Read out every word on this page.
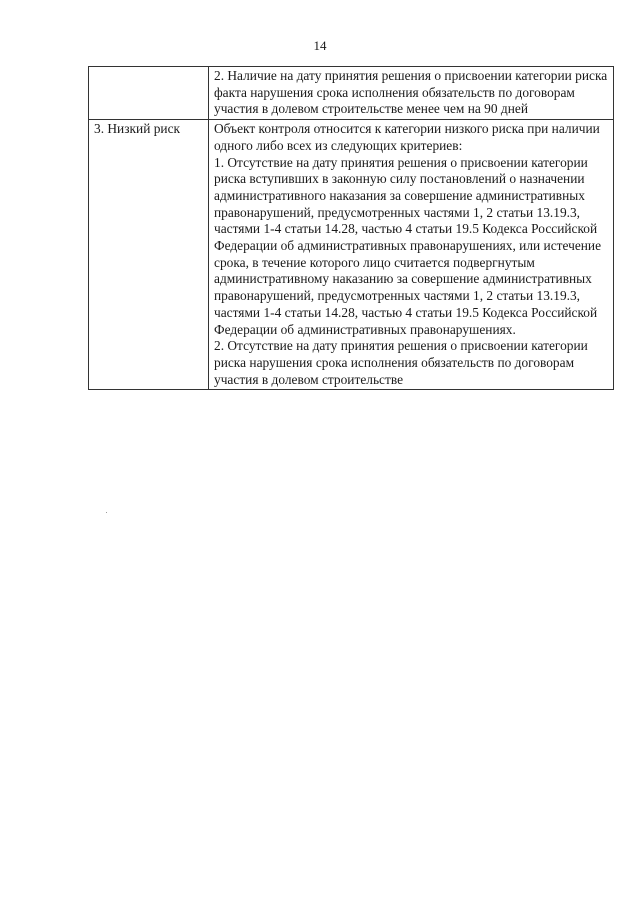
14

	2. Наличие на дату принятия решения о присвоении категории риска факта нарушения срока исполнения обязательств по договорам участия в долевом строительстве менее чем на 90 дней

3. Низкий риск	Объект контроля относится к категории низкого риска при наличии одного либо всех из следующих критериев:
1. Отсутствие на дату принятия решения о присвоении категории риска вступивших в законную силу постановлений о назначении административного наказания за совершение административных правонарушений, предусмотренных частями 1, 2 статьи 13.19.3, частями 1-4 статьи 14.28, частью 4 статьи 19.5 Кодекса Российской Федерации об административных правонарушениях, или истечение срока, в течение которого лицо считается подвергнутым административному наказанию за совершение административных правонарушений, предусмотренных частями 1, 2 статьи 13.19.3, частями 1-4 статьи 14.28, частью 4 статьи 19.5 Кодекса Российской Федерации об административных правонарушениях.
2. Отсутствие на дату принятия решения о присвоении категории риска нарушения срока исполнения обязательств по договорам участия в долевом строительстве
